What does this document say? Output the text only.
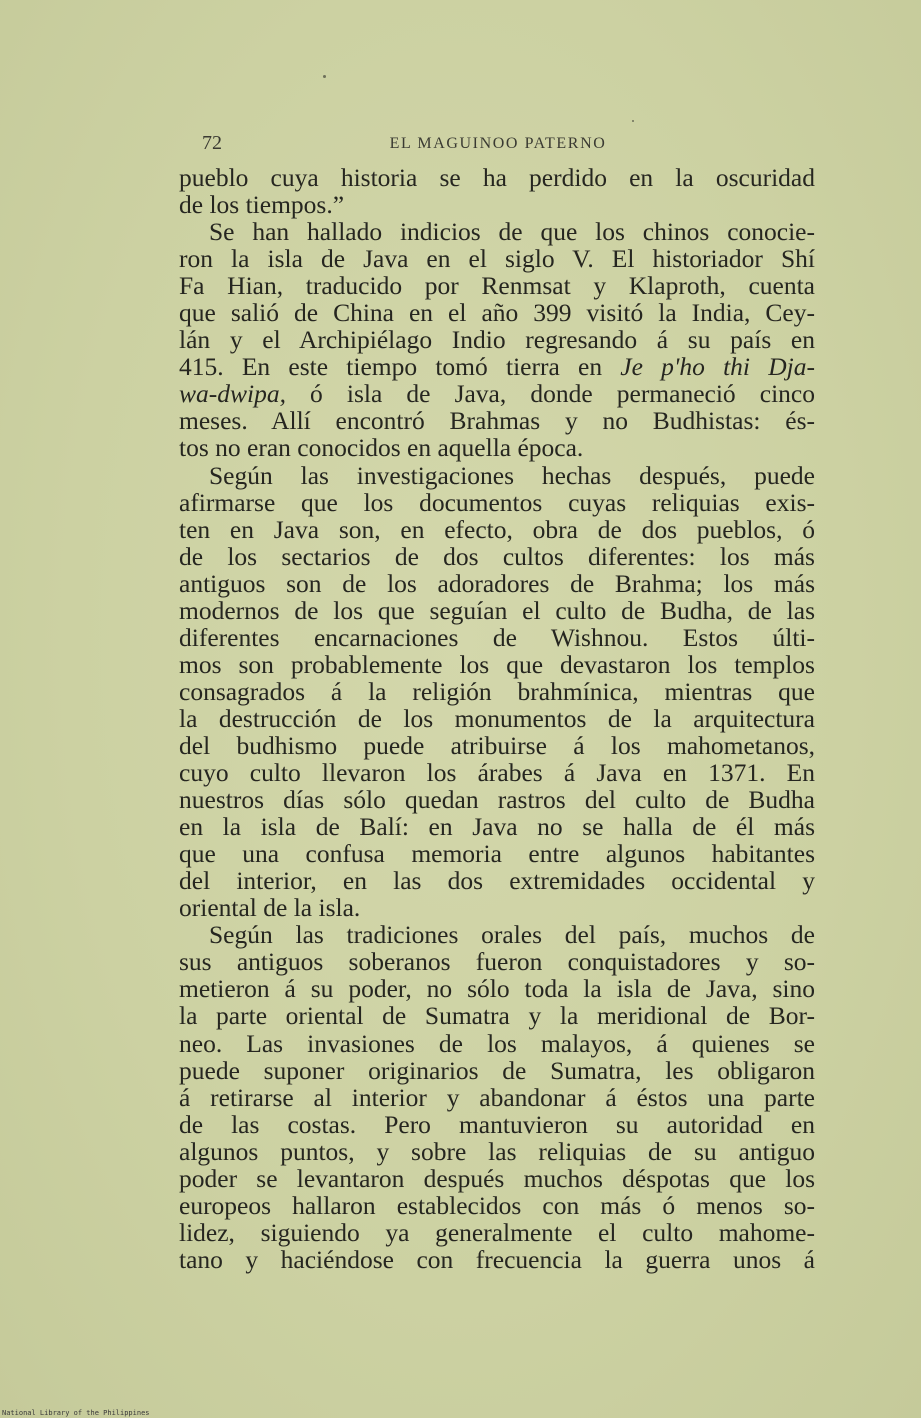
72	EL MAGUINOO PATERNO
pueblo cuya historia se ha perdido en la oscuridad
de los tiempos.”
Se han hallado indicios de que los chinos conocie-
ron la isla de Java en el siglo V. El historiador Shí
Fa Hian, traducido por Renmsat y Klaproth, cuenta
que salió de China en el año 399 visitó la India, Cey-
lán y el Archipiélago Indio regresando á su país en
415. En este tiempo tomó tierra en Je p'ho thi Dja-
wa-dwipa, ó isla de Java, donde permaneció cinco
meses. Allí encontró Brahmas y no Budhistas: és-
tos no eran conocidos en aquella época.
Según las investigaciones hechas después, puede
afirmarse que los documentos cuyas reliquias exis-
ten en Java son, en efecto, obra de dos pueblos, ó
de los sectarios de dos cultos diferentes: los más
antiguos son de los adoradores de Brahma; los más
modernos de los que seguían el culto de Budha, de las
diferentes encarnaciones de Wishnou. Estos últi-
mos son probablemente los que devastaron los templos
consagrados á la religión brahmínica, mientras que
la destrucción de los monumentos de la arquitectura
del budhismo puede atribuirse á los mahometanos,
cuyo culto llevaron los árabes á Java en 1371. En
nuestros días sólo quedan rastros del culto de Budha
en la isla de Balí: en Java no se halla de él más
que una confusa memoria entre algunos habitantes
del interior, en las dos extremidades occidental y
oriental de la isla.
Según las tradiciones orales del país, muchos de
sus antiguos soberanos fueron conquistadores y so-
metieron á su poder, no sólo toda la isla de Java, sino
la parte oriental de Sumatra y la meridional de Bor-
neo. Las invasiones de los malayos, á quienes se
puede suponer originarios de Sumatra, les obligaron
á retirarse al interior y abandonar á éstos una parte
de las costas. Pero mantuvieron su autoridad en
algunos puntos, y sobre las reliquias de su antiguo
poder se levantaron después muchos déspotas que los
europeos hallaron establecidos con más ó menos so-
lidez, siguiendo ya generalmente el culto mahome-
tano y haciéndose con frecuencia la guerra unos á
National Library of the Philippines
